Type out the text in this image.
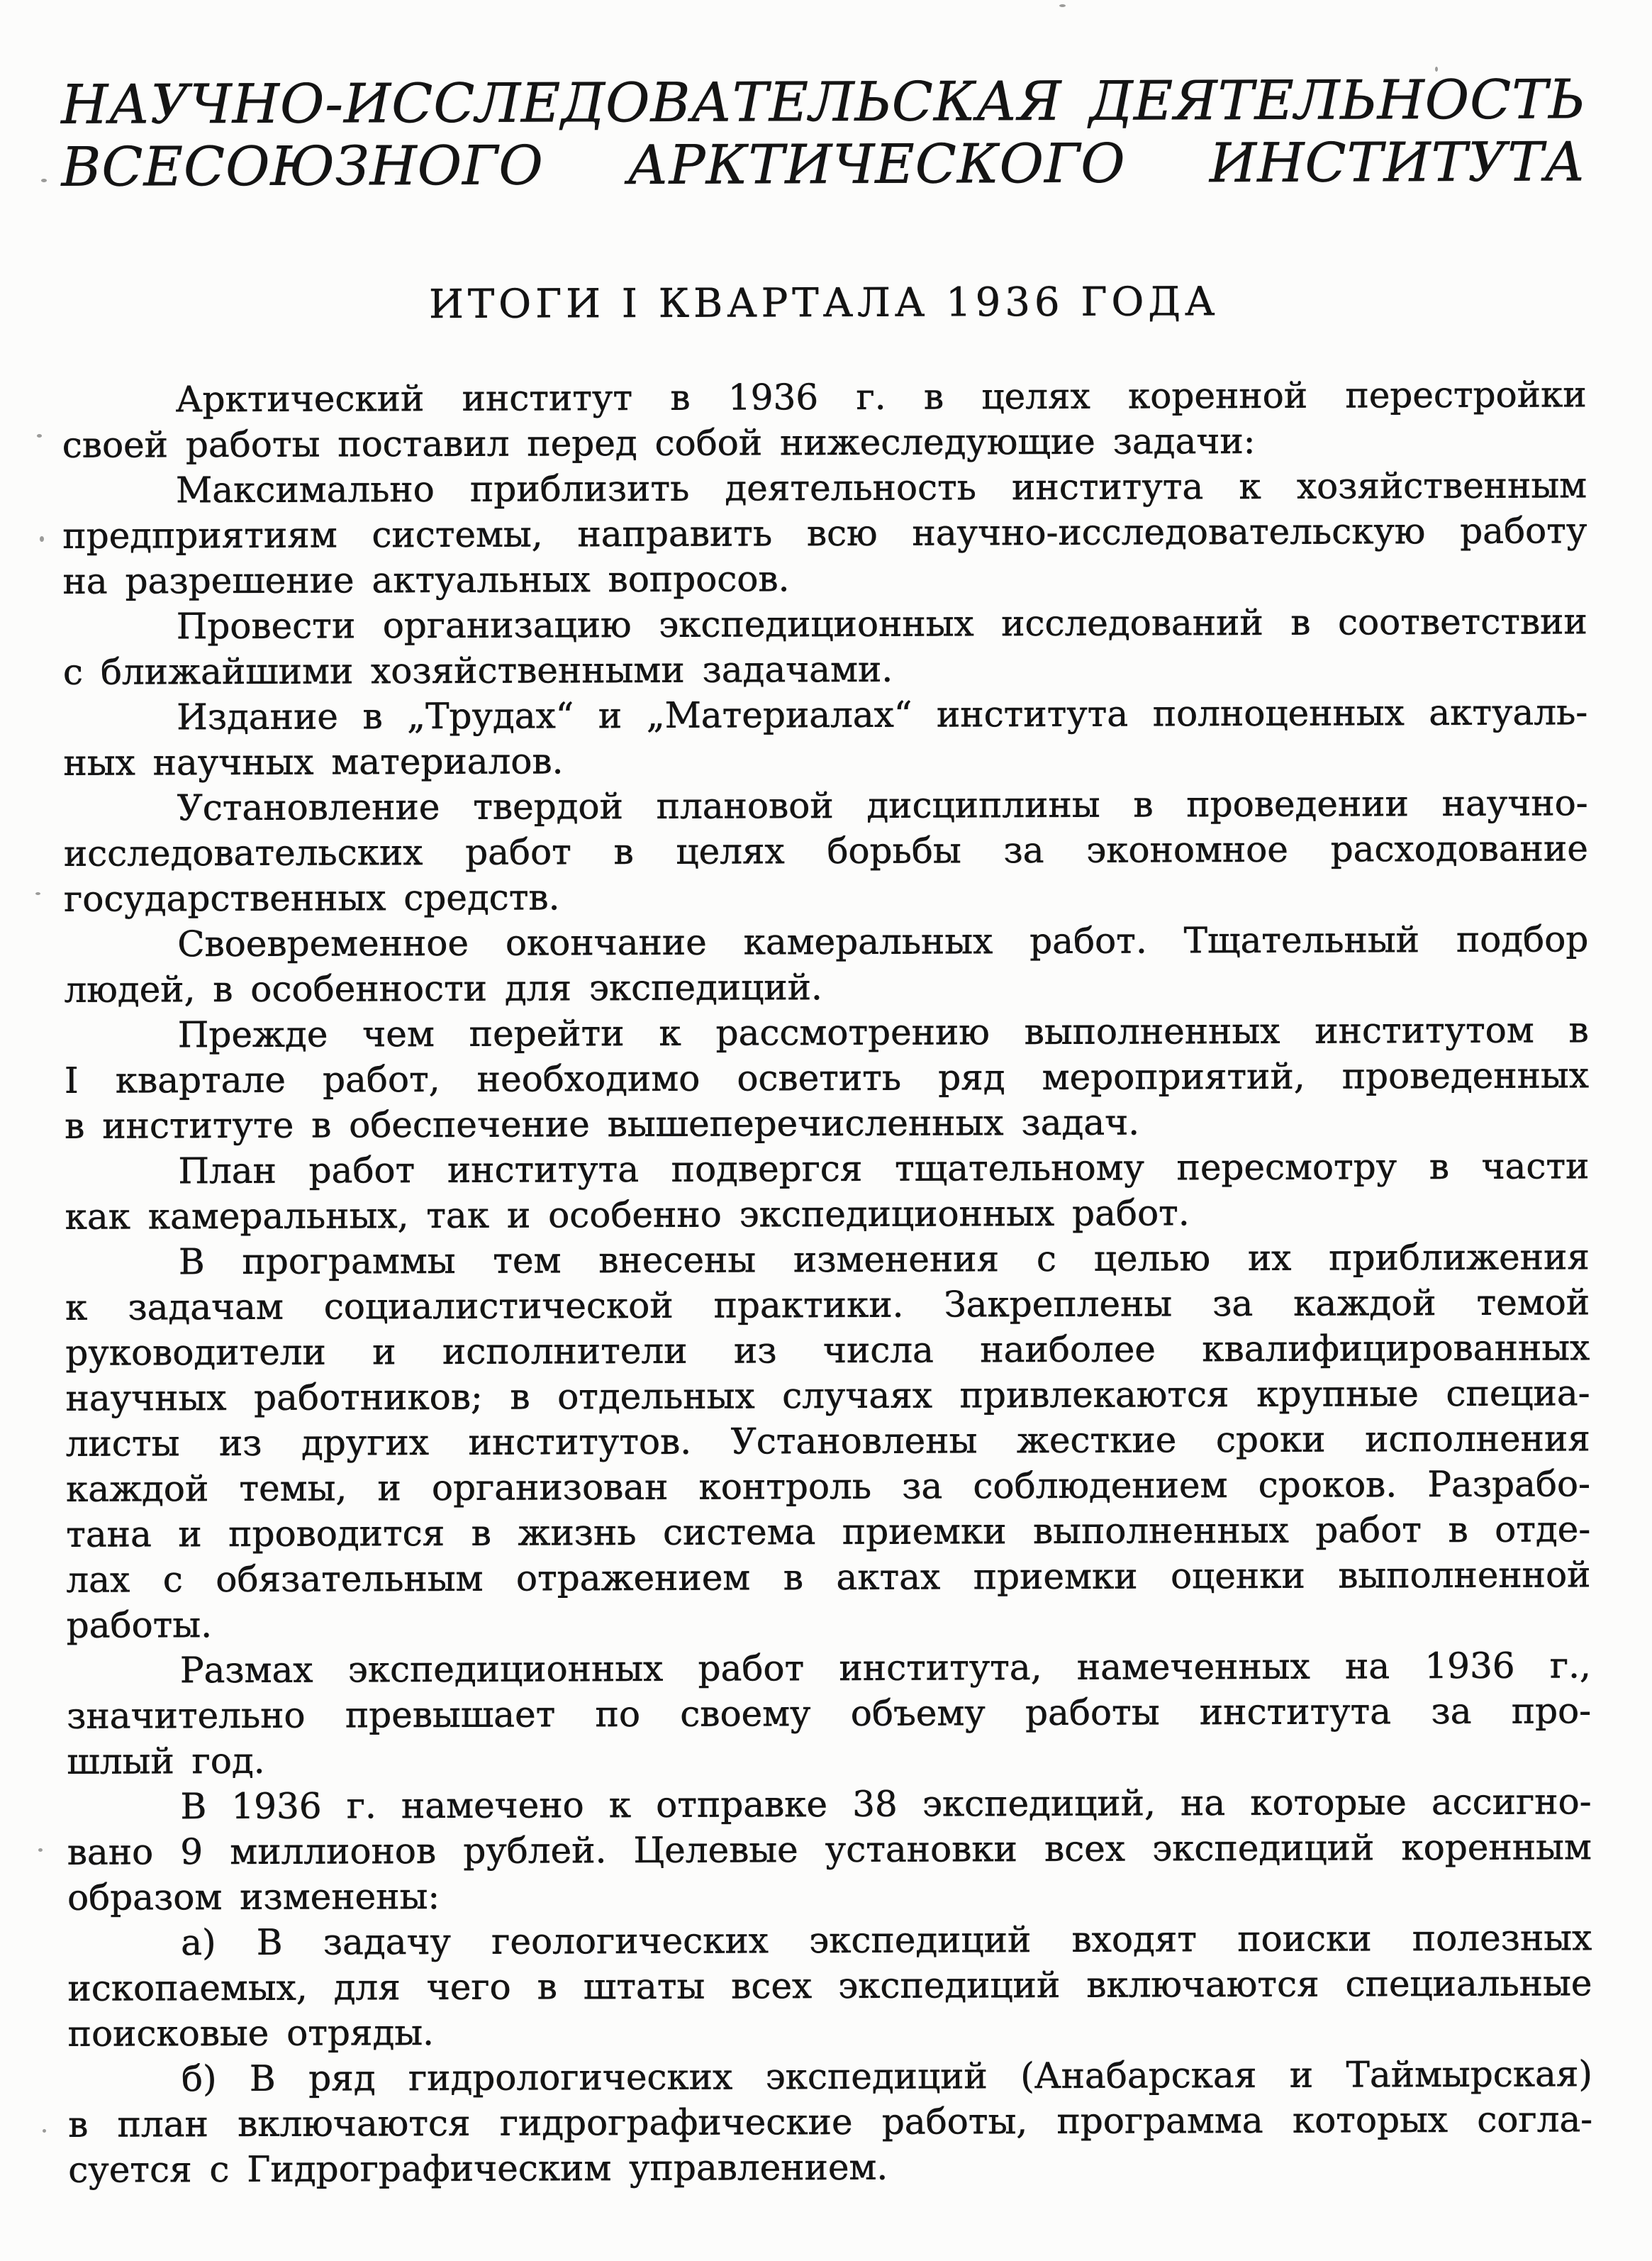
НАУЧНО-ИССЛЕДОВАТЕЛЬСКАЯ ДЕЯТЕЛЬНОСТЬ
ВСЕСОЮЗНОГО АРКТИЧЕСКОГО ИНСТИТУТА
ИТОГИ I КВАРТАЛА 1936 ГОДА
Арктический институт в 1936 г. в целях коренной перестройки
своей работы поставил перед собой нижеследующие задачи:
Максимально приблизить деятельность института к хозяйственным
предприятиям системы, направить всю научно-исследовательскую работу
на разрешение актуальных вопросов.
Провести организацию экспедиционных исследований в соответствии
с ближайшими хозяйственными задачами.
Издание в „Трудах“ и „Материалах“ института полноценных актуаль-
ных научных материалов.
Установление твердой плановой дисциплины в проведении научно-
исследовательских работ в целях борьбы за экономное расходование
государственных средств.
Своевременное окончание камеральных работ. Тщательный подбор
людей, в особенности для экспедиций.
Прежде чем перейти к рассмотрению выполненных институтом в
I квартале работ, необходимо осветить ряд мероприятий, проведенных
в институте в обеспечение вышеперечисленных задач.
План работ института подвергся тщательному пересмотру в части
как камеральных, так и особенно экспедиционных работ.
В программы тем внесены изменения с целью их приближения
к задачам социалистической практики. Закреплены за каждой темой
руководители и исполнители из числа наиболее квалифицированных
научных работников; в отдельных случаях привлекаются крупные специа-
листы из других институтов. Установлены жесткие сроки исполнения
каждой темы, и организован контроль за соблюдением сроков. Разрабо-
тана и проводится в жизнь система приемки выполненных работ в отде-
лах с обязательным отражением в актах приемки оценки выполненной
работы.
Размах экспедиционных работ института, намеченных на 1936 г.,
значительно превышает по своему объему работы института за про-
шлый год.
В 1936 г. намечено к отправке 38 экспедиций, на которые ассигно-
вано 9 миллионов рублей. Целевые установки всех экспедиций коренным
образом изменены:
а) В задачу геологических экспедиций входят поиски полезных
ископаемых, для чего в штаты всех экспедиций включаются специальные
поисковые отряды.
б) В ряд гидрологических экспедиций (Анабарская и Таймырская)
в план включаются гидрографические работы, программа которых согла-
суется с Гидрографическим управлением.
